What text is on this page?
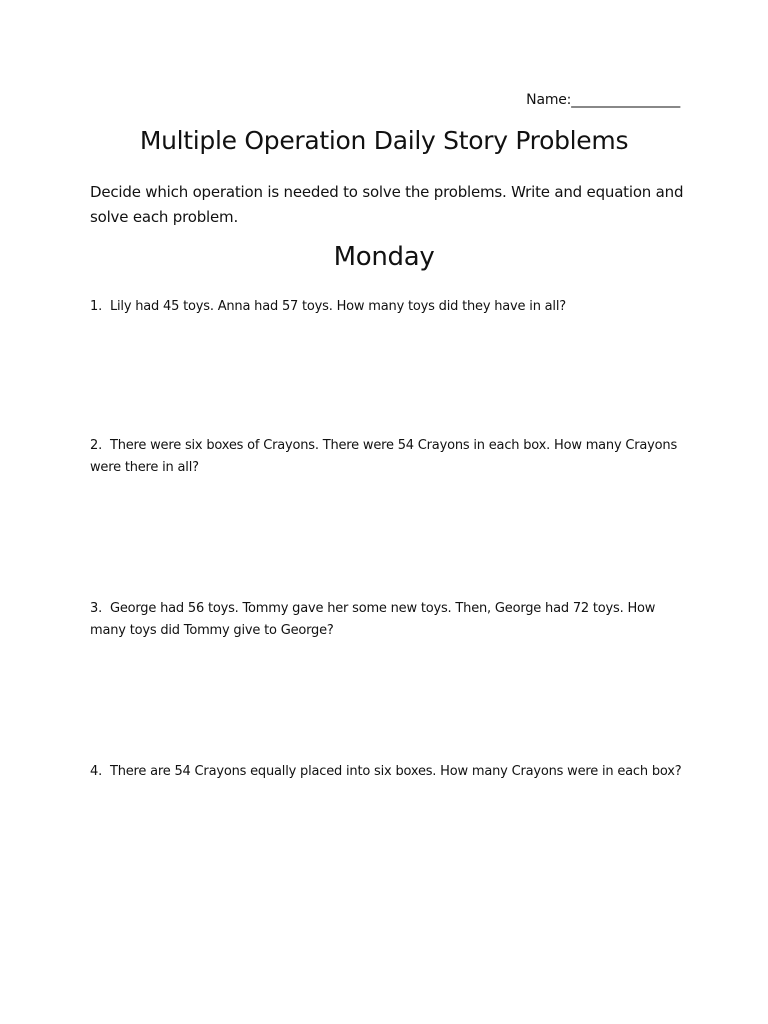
Name:________________
Multiple Operation Daily Story Problems
Decide which operation is needed to solve the problems. Write and equation and solve each problem.
Monday
1. Lily had 45 toys. Anna had 57 toys. How many toys did they have in all?
2. There were six boxes of Crayons. There were 54 Crayons in each box. How many Crayons were there in all?
3. George had 56 toys. Tommy gave her some new toys. Then, George had 72 toys. How many toys did Tommy give to George?
4. There are 54 Crayons equally placed into six boxes. How many Crayons were in each box?
